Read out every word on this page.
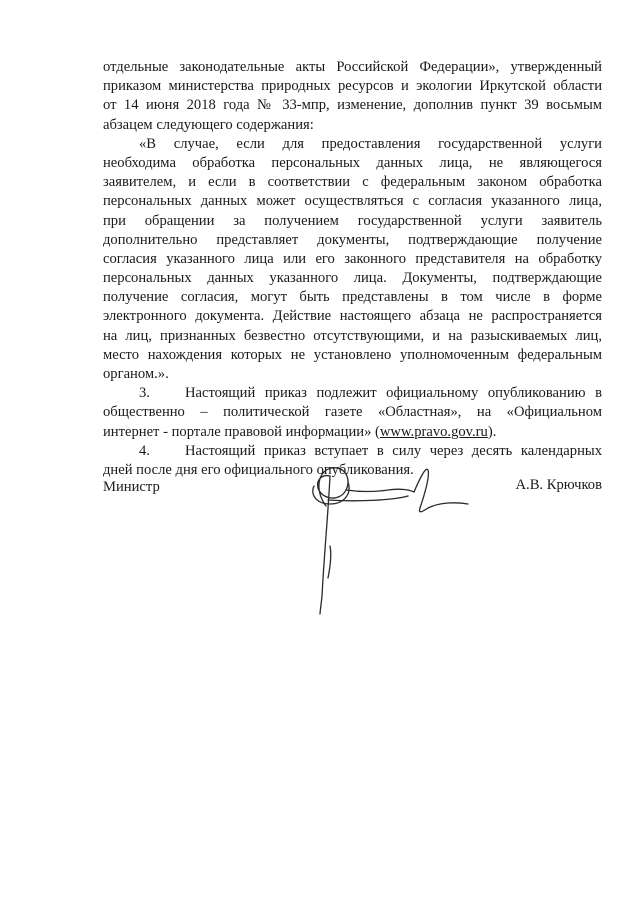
отдельные законодательные акты Российской Федерации», утвержденный
приказом министерства природных ресурсов и экологии Иркутской области
от 14 июня 2018 года № 33-мпр, изменение, дополнив пункт 39 восьмым
абзацем следующего содержания:
«В случае, если для предоставления государственной услуги
необходима обработка персональных данных лица, не являющегося
заявителем, и если в соответствии с федеральным законом обработка
персональных данных может осуществляться с согласия указанного лица,
при обращении за получением государственной услуги заявитель
дополнительно представляет документы, подтверждающие получение
согласия указанного лица или его законного представителя на обработку
персональных данных указанного лица. Документы, подтверждающие
получение согласия, могут быть представлены в том числе в форме
электронного документа. Действие настоящего абзаца не распространяется
на лиц, признанных безвестно отсутствующими, и на разыскиваемых лиц,
место нахождения которых не установлено уполномоченным федеральным
органом.».
3.	Настоящий приказ подлежит официальному опубликованию в
общественно – политической газете «Областная», на «Официальном
интернет - портале правовой информации» (www.pravo.gov.ru).
4.	Настоящий приказ вступает в силу через десять календарных
дней после дня его официального опубликования.
Министр	А.В. Крючков
